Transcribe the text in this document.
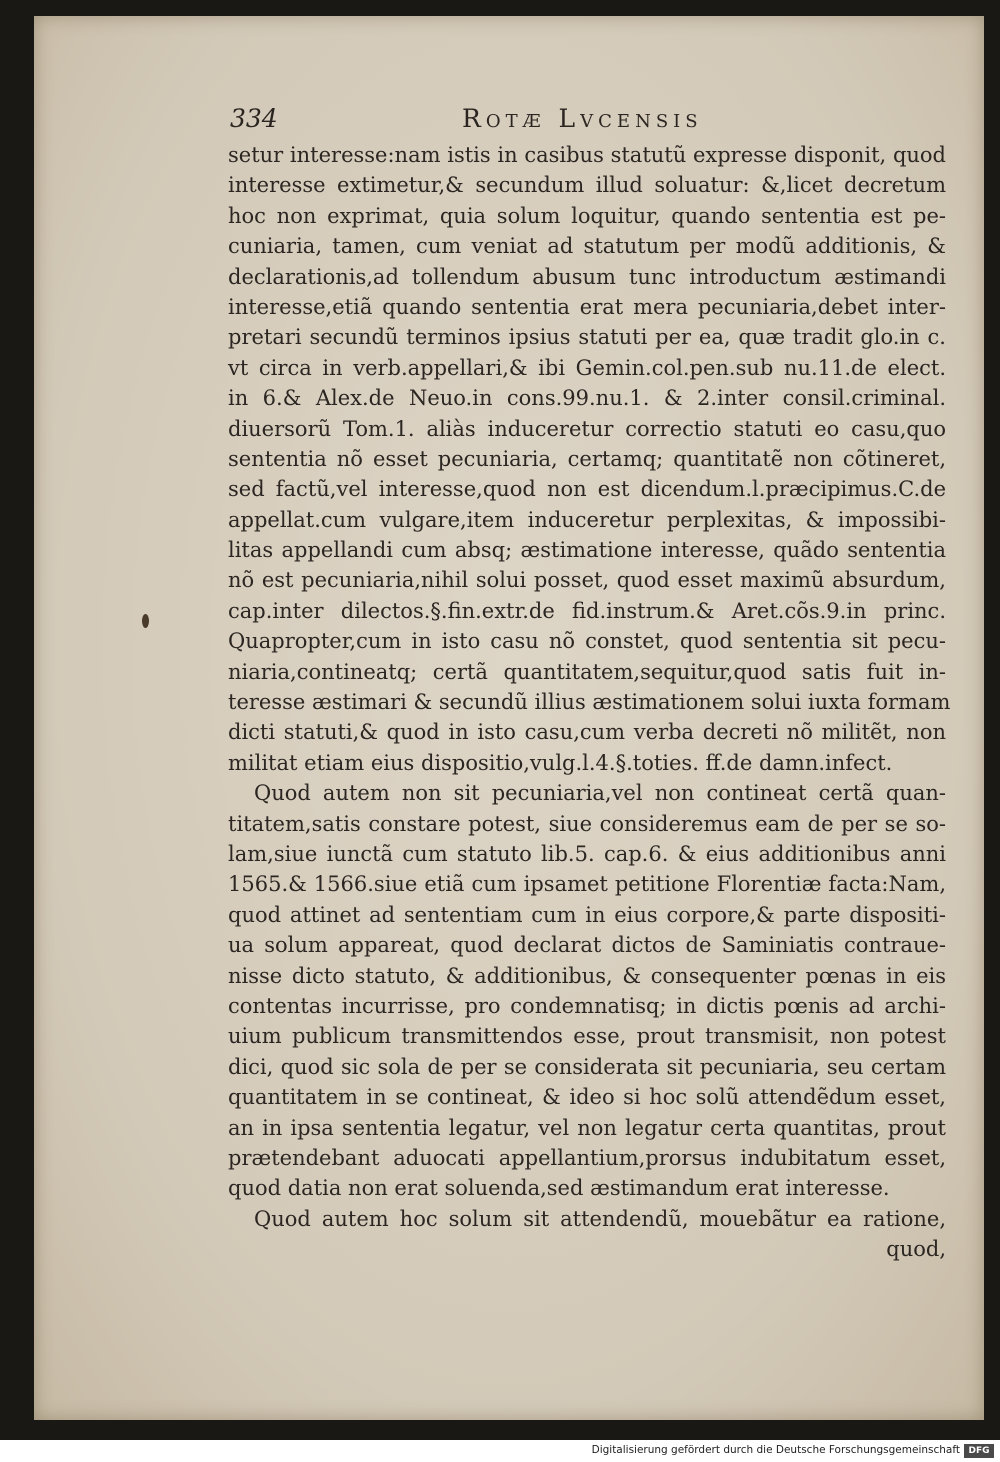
334	Rotæ Lvcensis
setur interesse:nam istis in casibus statutũ expresse disponit, quod
interesse extimetur,& secundum illud soluatur: &,licet decretum
hoc non exprimat, quia solum loquitur, quando sententia est pe-
cuniaria, tamen, cum veniat ad statutum per modũ additionis, &
declarationis,ad tollendum abusum tunc introductum æstimandi
interesse,etiã quando sententia erat mera pecuniaria,debet inter-
pretari secundũ terminos ipsius statuti per ea, quæ tradit glo.in c.
vt circa in verb.appellari,& ibi Gemin.col.pen.sub nu.11.de elect.
in 6.& Alex.de Neuo.in cons.99.nu.1. & 2.inter consil.criminal.
diuersorũ Tom.1. aliàs induceretur correctio statuti eo casu,quo
sententia nõ esset pecuniaria, certamq; quantitatẽ non cõtineret,
sed factũ,vel interesse,quod non est dicendum.l.præcipimus.C.de
appellat.cum vulgare,item induceretur perplexitas, & impossibi-
litas appellandi cum absq; æstimatione interesse, quãdo sententia
nõ est pecuniaria,nihil solui posset, quod esset maximũ absurdum,
cap.inter dilectos.§.fin.extr.de fid.instrum.& Aret.cõs.9.in princ.
Quapropter,cum in isto casu nõ constet, quod sententia sit pecu-
niaria,contineatq; certã quantitatem,sequitur,quod satis fuit in-
teresse æstimari & secundũ illius æstimationem solui iuxta formam
dicti statuti,& quod in isto casu,cum verba decreti nõ militẽt, non
militat etiam eius dispositio,vulg.l.4.§.toties. ff.de damn.infect.
Quod autem non sit pecuniaria,vel non contineat certã quan-
titatem,satis constare potest, siue consideremus eam de per se so-
lam,siue iunctã cum statuto lib.5. cap.6. & eius additionibus anni
1565.& 1566.siue etiã cum ipsamet petitione Florentiæ facta:Nam,
quod attinet ad sententiam cum in eius corpore,& parte dispositi-
ua solum appareat, quod declarat dictos de Saminiatis contraue-
nisse dicto statuto, & additionibus, & consequenter pœnas in eis
contentas incurrisse, pro condemnatisq; in dictis pœnis ad archi-
uium publicum transmittendos esse, prout transmisit, non potest
dici, quod sic sola de per se considerata sit pecuniaria, seu certam
quantitatem in se contineat, & ideo si hoc solũ attendẽdum esset,
an in ipsa sententia legatur, vel non legatur certa quantitas, prout
prætendebant aduocati appellantium,prorsus indubitatum esset,
quod datia non erat soluenda,sed æstimandum erat interesse.
Quod autem hoc solum sit attendendũ, mouebãtur ea ratione,
quod,
Digitalisierung gefördert durch die Deutsche Forschungsgemeinschaft DFG
